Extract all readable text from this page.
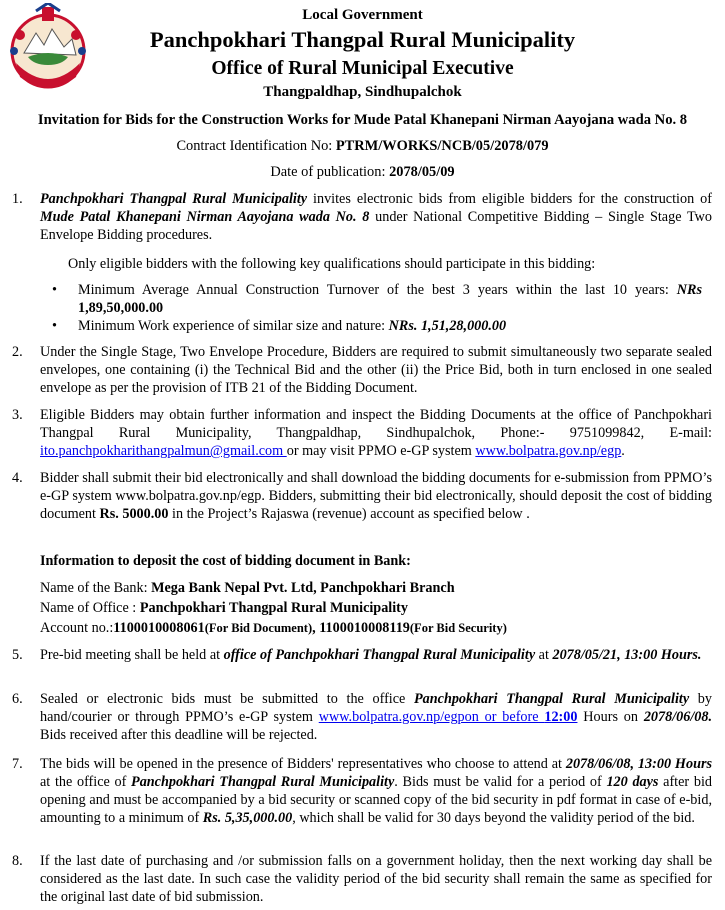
Local Government
Panchpokhari Thangpal Rural Municipality
Office of Rural Municipal Executive
Thangpaldhap, Sindhupalchok
Invitation for Bids for the Construction Works for Mude Patal Khanepani Nirman Aayojana wada No. 8
Contract Identification No: PTRM/WORKS/NCB/05/2078/079
Date of publication: 2078/05/09
1.	Panchpokhari Thangpal Rural Municipality invites electronic bids from eligible bidders for the construction of Mude Patal Khanepani Nirman Aayojana wada No. 8 under National Competitive Bidding – Single Stage Two Envelope Bidding procedures.
Only eligible bidders with the following key qualifications should participate in this bidding:
• Minimum Average Annual Construction Turnover of the best 3 years within the last 10 years: NRs 1,89,50,000.00
• Minimum Work experience of similar size and nature: NRs. 1,51,28,000.00
2.	Under the Single Stage, Two Envelope Procedure, Bidders are required to submit simultaneously two separate sealed envelopes, one containing (i) the Technical Bid and the other (ii) the Price Bid, both in turn enclosed in one sealed envelope as per the provision of ITB 21 of the Bidding Document.
3.	Eligible Bidders may obtain further information and inspect the Bidding Documents at the office of Panchpokhari Thangpal Rural Municipality, Thangpaldhap, Sindhupalchok, Phone:- 9751099842, E-mail: ito.panchpokharithangpalmun@gmail.com or may visit PPMO e-GP system www.bolpatra.gov.np/egp.
4.	Bidder shall submit their bid electronically and shall download the bidding documents for e-submission from PPMO’s e-GP system www.bolpatra.gov.np/egp. Bidders, submitting their bid electronically, should deposit the cost of bidding document Rs. 5000.00 in the Project’s Rajaswa (revenue) account as specified below .
Information to deposit the cost of bidding document in Bank:
Name of the Bank: Mega Bank Nepal Pvt. Ltd, Panchpokhari Branch
Name of Office : Panchpokhari Thangpal Rural Municipality
Account no.:1100010008061(For Bid Document), 1100010008119(For Bid Security)
5.	Pre-bid meeting shall be held at office of Panchpokhari Thangpal Rural Municipality at 2078/05/21, 13:00 Hours.
6.	Sealed or electronic bids must be submitted to the office Panchpokhari Thangpal Rural Municipality by hand/courier or through PPMO’s e-GP system www.bolpatra.gov.np/egpon or before 12:00 Hours on 2078/06/08. Bids received after this deadline will be rejected.
7.	The bids will be opened in the presence of Bidders' representatives who choose to attend at 2078/06/08, 13:00 Hours at the office of Panchpokhari Thangpal Rural Municipality. Bids must be valid for a period of 120 days after bid opening and must be accompanied by a bid security or scanned copy of the bid security in pdf format in case of e-bid, amounting to a minimum of Rs. 5,35,000.00, which shall be valid for 30 days beyond the validity period of the bid.
8.	If the last date of purchasing and /or submission falls on a government holiday, then the next working day shall be considered as the last date. In such case the validity period of the bid security shall remain the same as specified for the original last date of bid submission.
